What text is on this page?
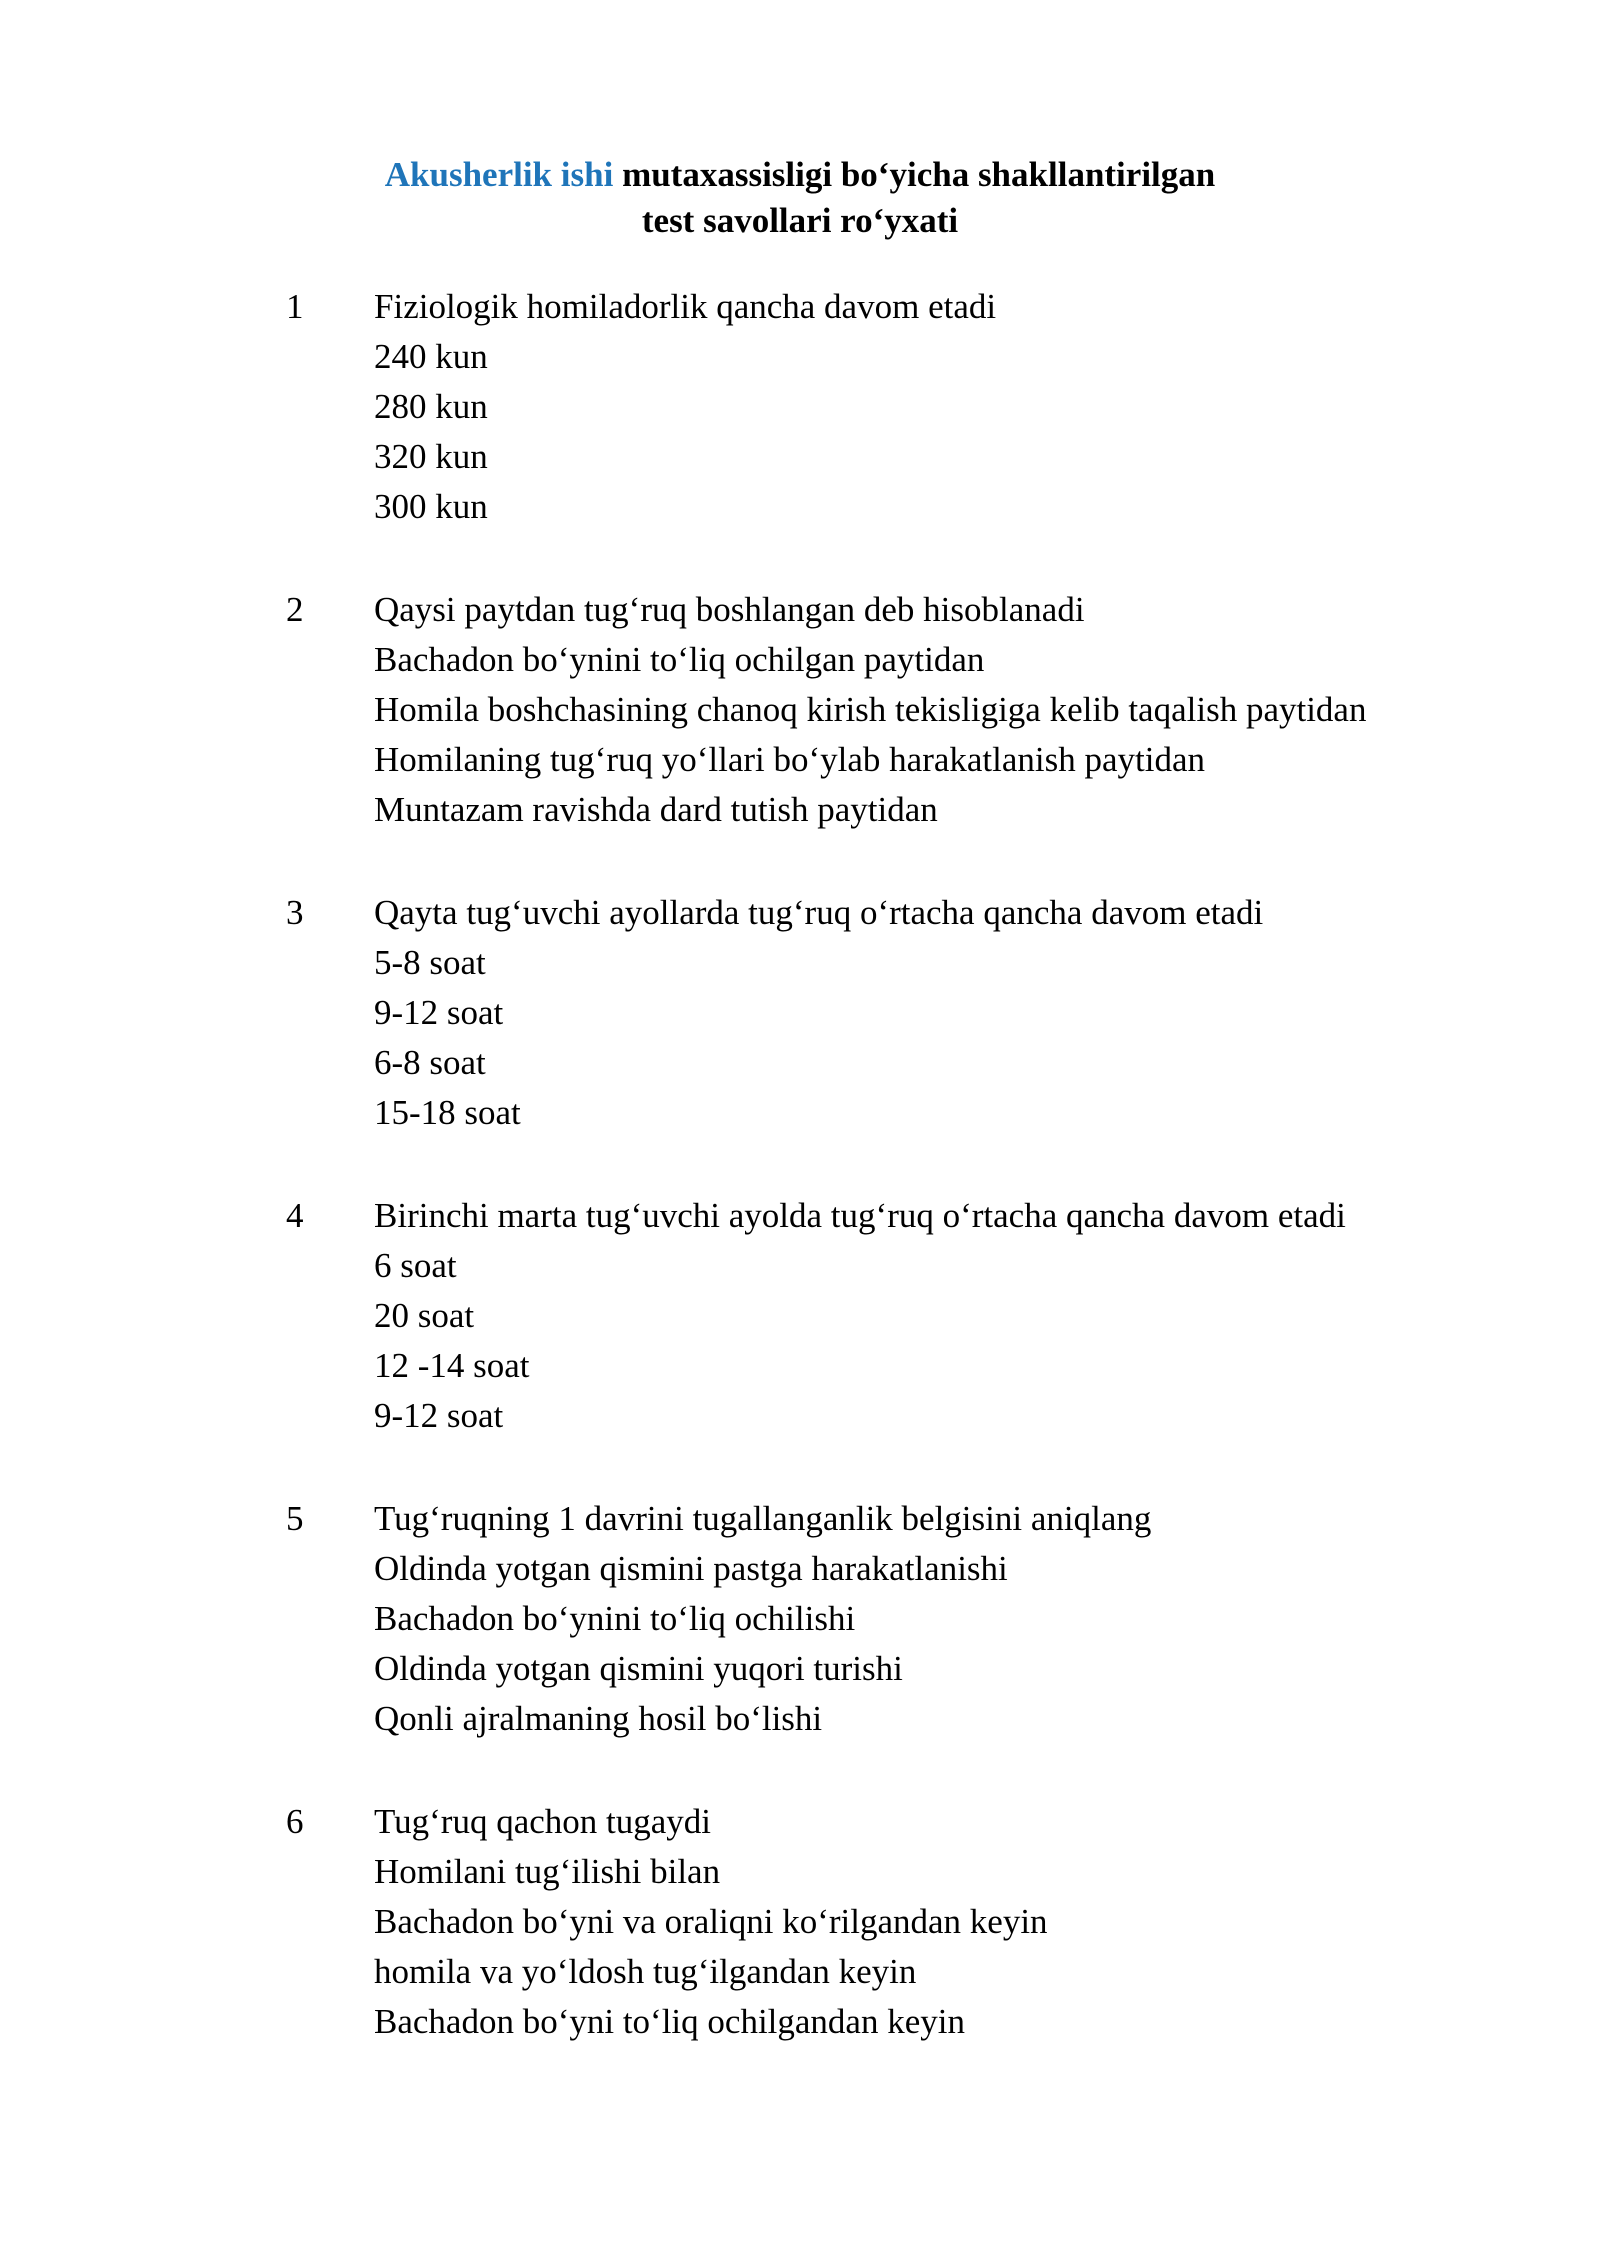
Akusherlik ishi mutaxassisligi bo‘yicha shakllantirilgan
test savollari ro‘yxati
1 Fiziologik homiladorlik qancha davom etadi
240 kun
280 kun
320 kun
300 kun
2 Qaysi paytdan tug‘ruq boshlangan deb hisoblanadi
Bachadon bo‘ynini to‘liq ochilgan paytidan
Homila boshchasining chanoq kirish tekisligiga kelib taqalish paytidan
Homilaning tug‘ruq yo‘llari bo‘ylab harakatlanish paytidan
Muntazam ravishda dard tutish paytidan
3 Qayta tug‘uvchi ayollarda tug‘ruq o‘rtacha qancha davom etadi
5-8 soat
9-12 soat
6-8 soat
15-18 soat
4 Birinchi marta tug‘uvchi ayolda tug‘ruq o‘rtacha qancha davom etadi
6 soat
20 soat
12 -14 soat
9-12 soat
5 Tug‘ruqning 1 davrini tugallanganlik belgisini aniqlang
Oldinda yotgan qismini pastga harakatlanishi
Bachadon bo‘ynini to‘liq ochilishi
Oldinda yotgan qismini yuqori turishi
Qonli ajralmaning hosil bo‘lishi
6 Tug‘ruq qachon tugaydi
Homilani tug‘ilishi bilan
Bachadon bo‘yni va oraliqni ko‘rilgandan keyin
homila va yo‘ldosh tug‘ilgandan keyin
Bachadon bo‘yni to‘liq ochilgandan keyin
